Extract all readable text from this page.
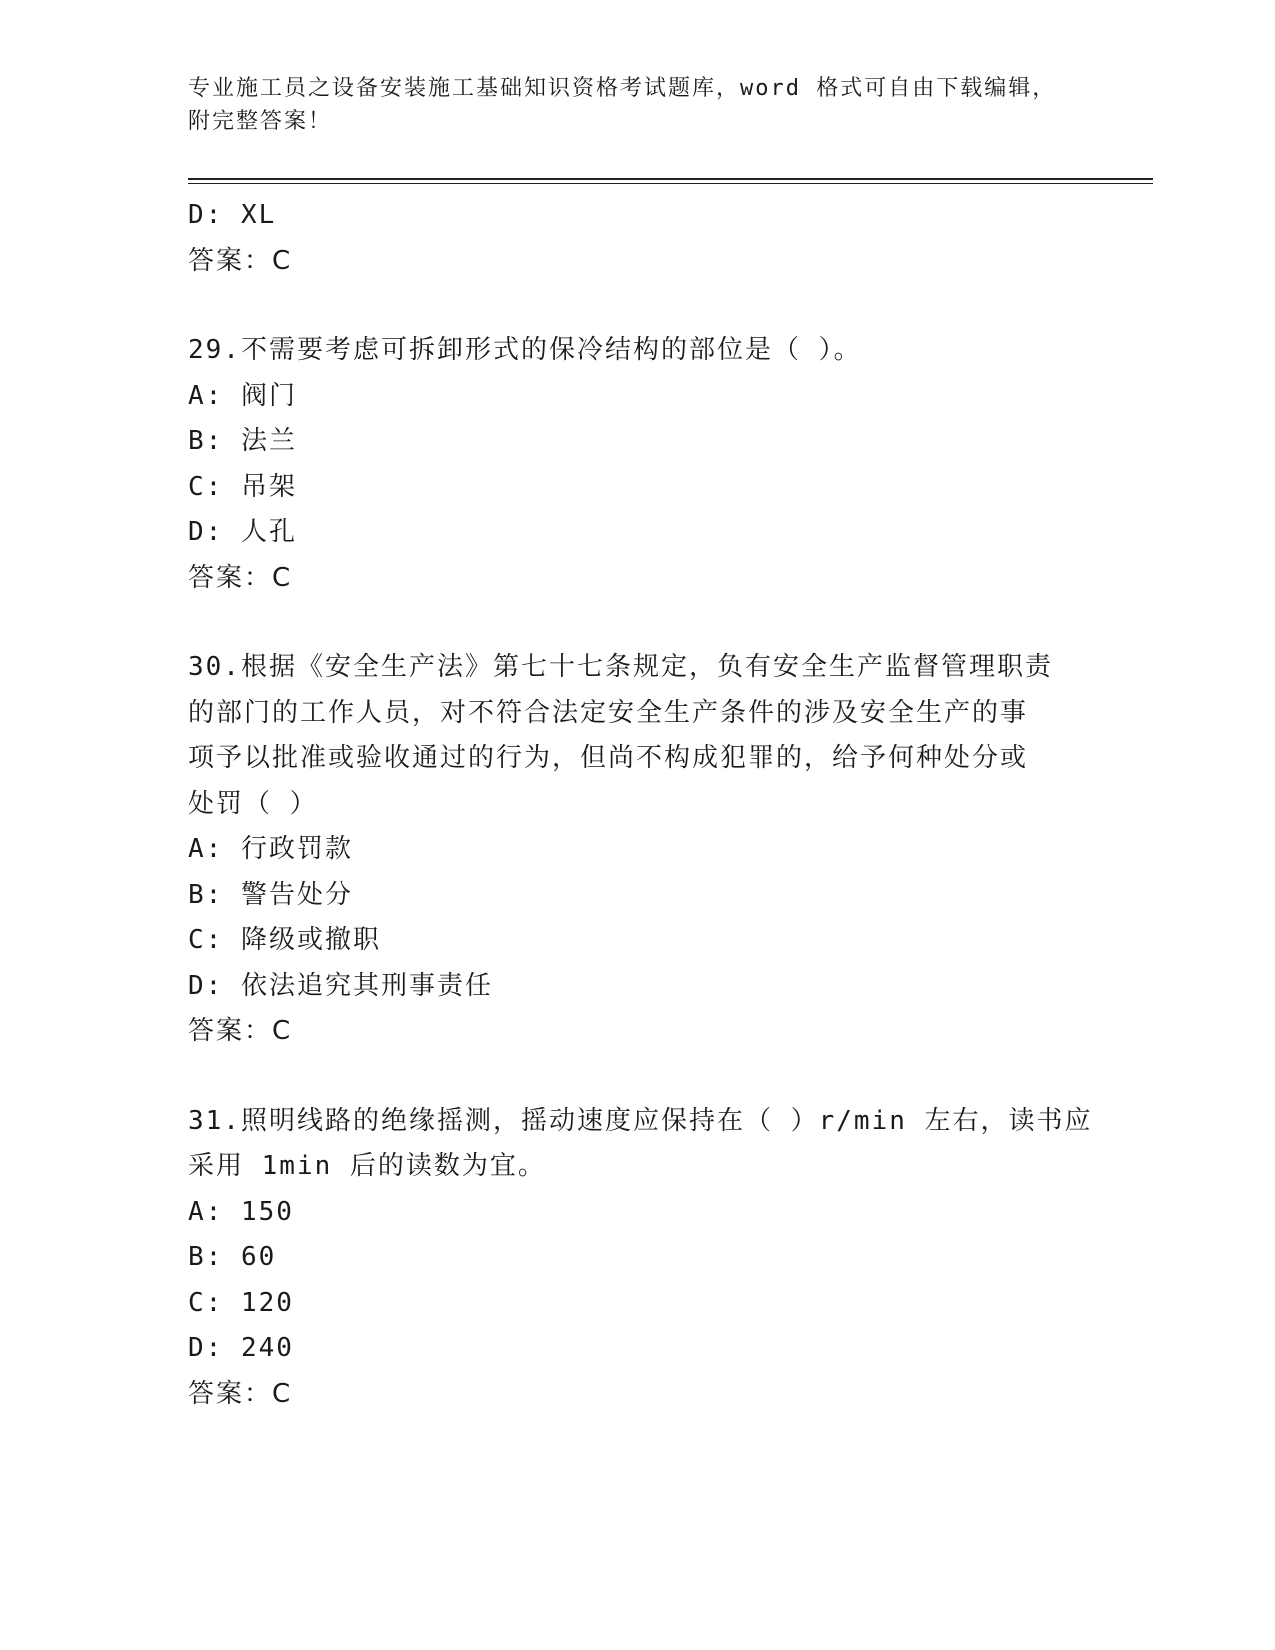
专业施工员之设备安装施工基础知识资格考试题库，word 格式可自由下载编辑，
附完整答案！
D: XL
答案：C
29.不需要考虑可拆卸形式的保冷结构的部位是（ ）。
A: 阀门
B: 法兰
C: 吊架
D: 人孔
答案：C
30.根据《安全生产法》第七十七条规定，负有安全生产监督管理职责
的部门的工作人员，对不符合法定安全生产条件的涉及安全生产的事
项予以批准或验收通过的行为，但尚不构成犯罪的，给予何种处分或
处罚（ ）
A: 行政罚款
B: 警告处分
C: 降级或撤职
D: 依法追究其刑事责任
答案：C
31.照明线路的绝缘摇测，摇动速度应保持在（ ）r/min 左右，读书应
采用 1min 后的读数为宜。
A: 150
B: 60
C: 120
D: 240
答案：C
